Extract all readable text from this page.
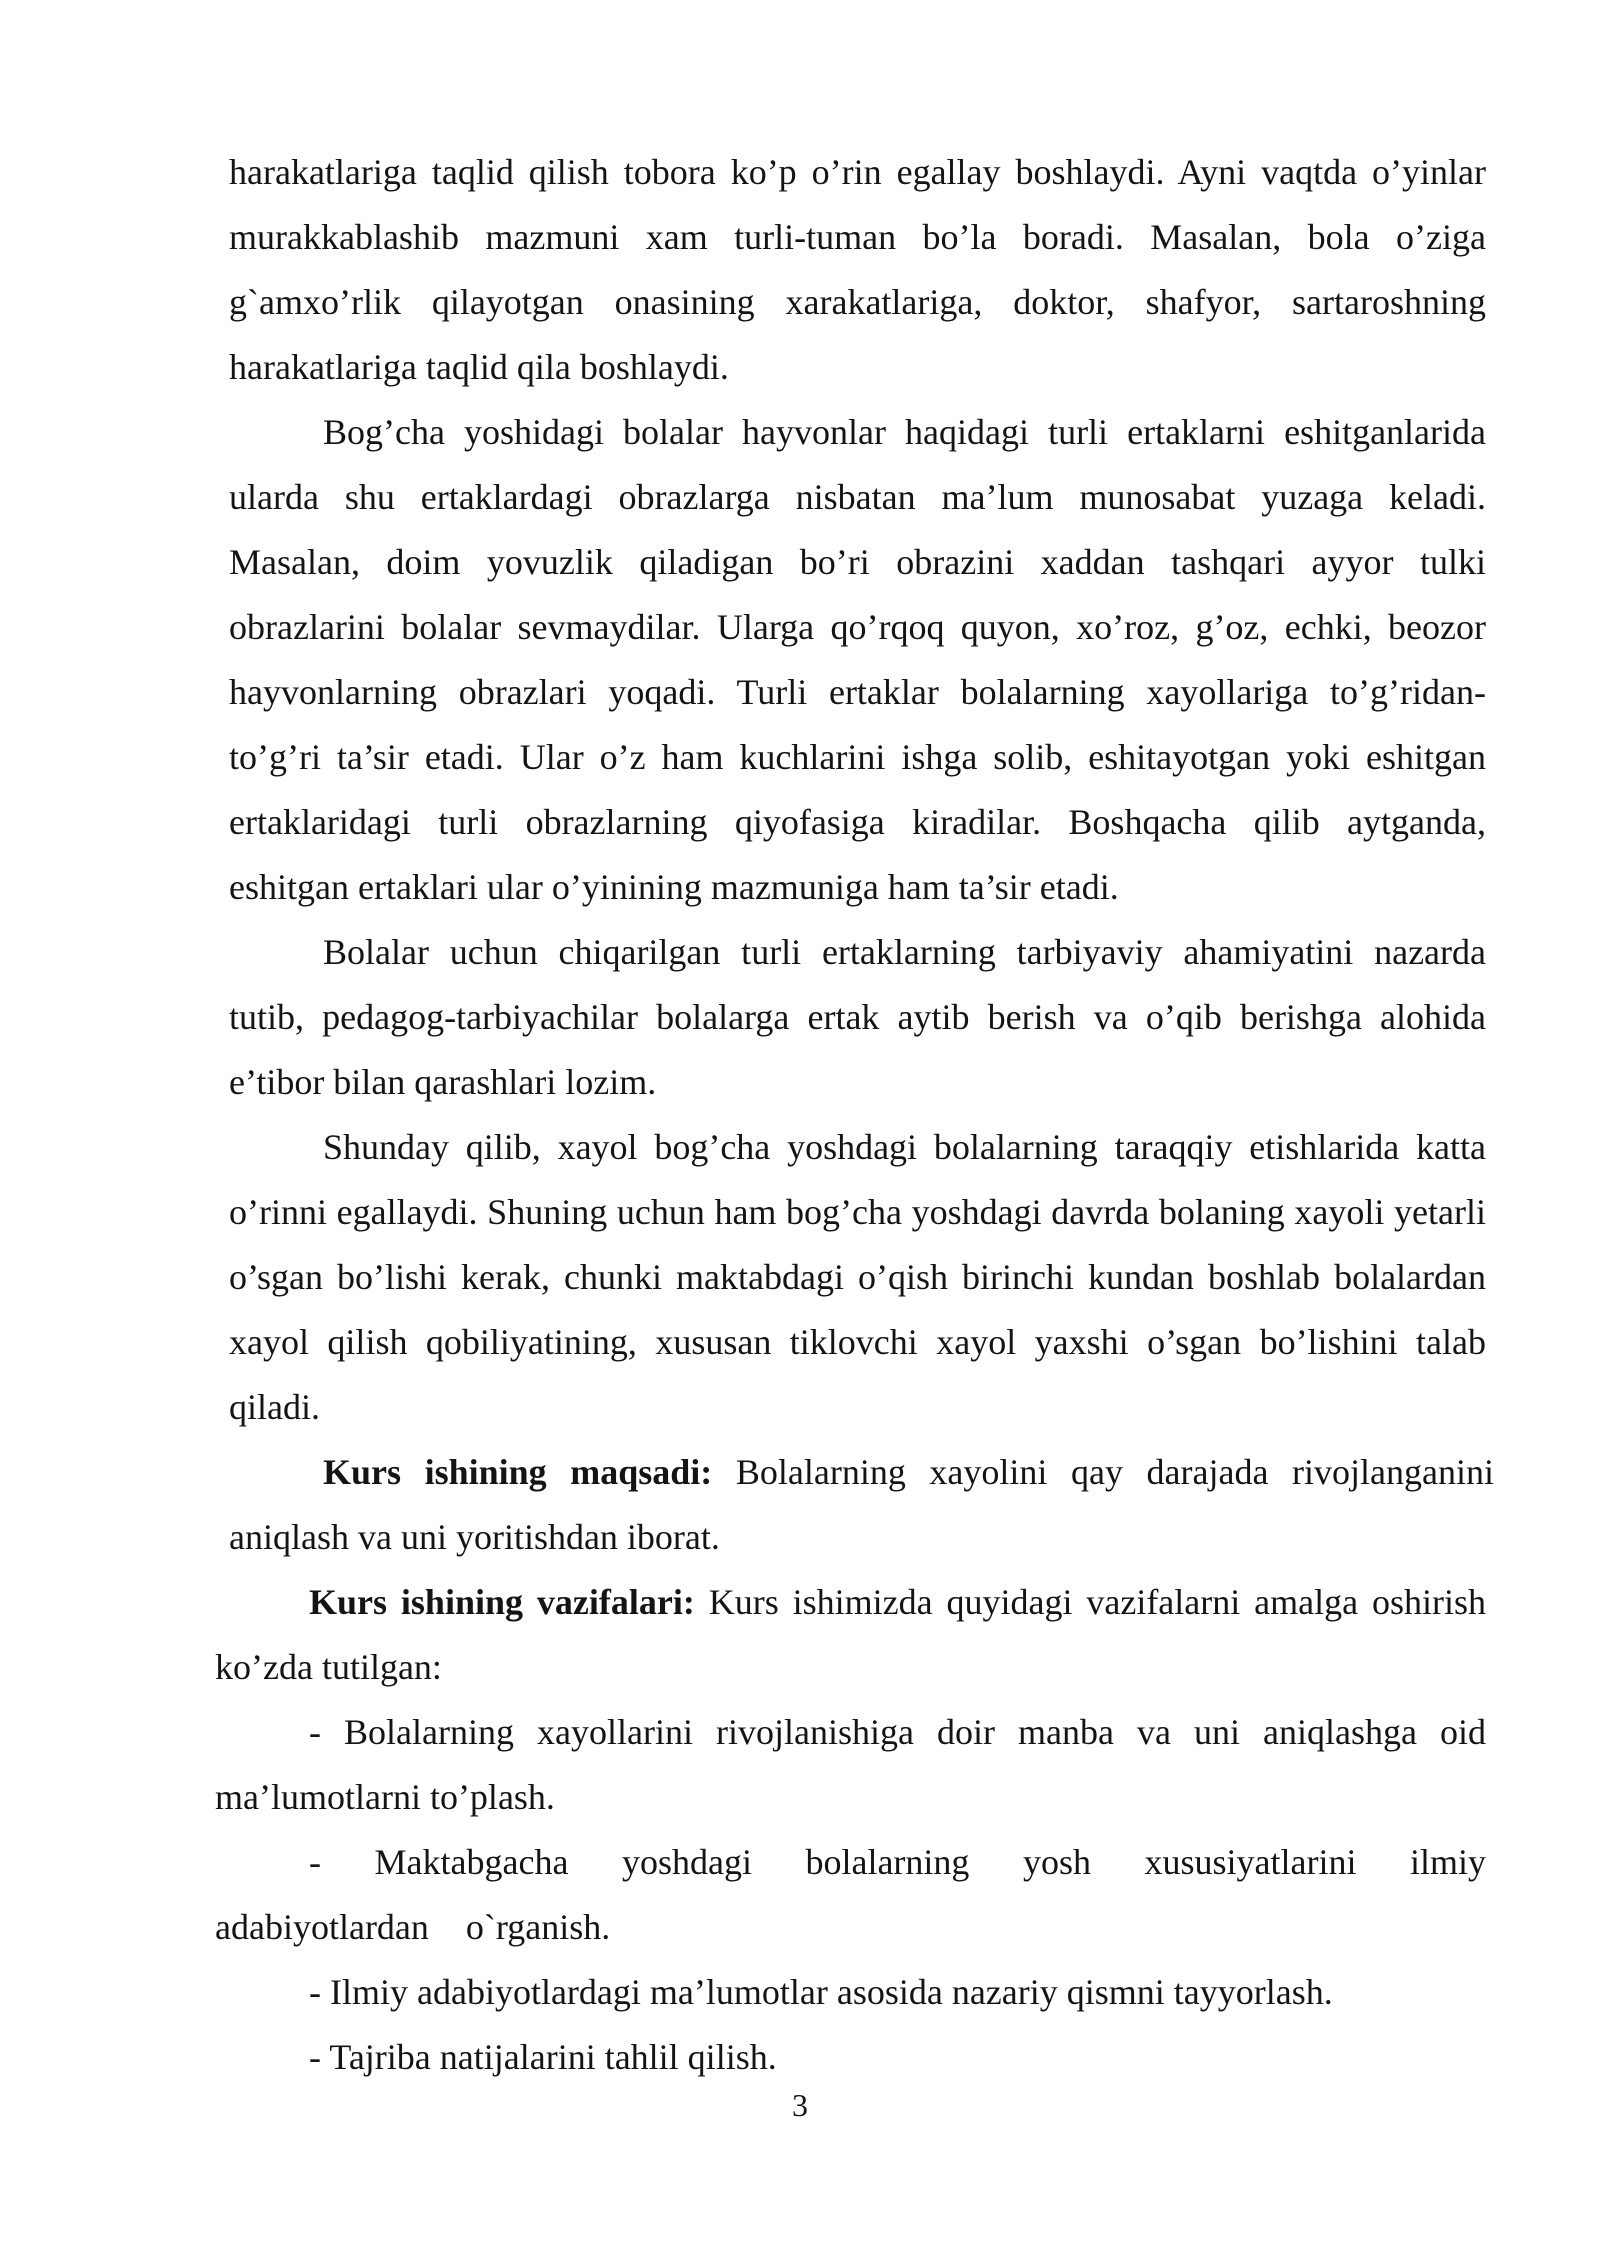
harakatlariga taqlid qilish tobora ko’p o’rin egallay boshlaydi. Ayni vaqtda o’yinlar murakkablashib mazmuni xam turli-tuman bo’la boradi. Masalan, bola o’ziga g`amxo’rlik qilayotgan onasining xarakatlariga, doktor, shafyor, sartaroshning harakatlariga taqlid qila boshlaydi.

Bog’cha yoshidagi bolalar hayvonlar haqidagi turli ertaklarni eshitganlarida ularda shu ertaklardagi obrazlarga nisbatan ma’lum munosabat yuzaga keladi. Masalan, doim yovuzlik qiladigan bo’ri obrazini xaddan tashqari ayyor tulki obrazlarini bolalar sevmaydilar. Ularga qo’rqoq quyon, xo’roz, g’oz, echki, beozor hayvonlarning obrazlari yoqadi. Turli ertaklar bolalarning xayollariga to’g’ridan-to’g’ri ta’sir etadi. Ular o’z ham kuchlarini ishga solib, eshitayotgan yoki eshitgan ertaklaridagi turli obrazlarning qiyofasiga kiradilar. Boshqacha qilib aytganda, eshitgan ertaklari ular o’yinining mazmuniga ham ta’sir etadi.

Bolalar uchun chiqarilgan turli ertaklarning tarbiyaviy ahamiyatini nazarda tutib, pedagog-tarbiyachilar bolalarga ertak aytib berish va o’qib berishga alohida e’tibor bilan qarashlari lozim.

Shunday qilib, xayol bog’cha yoshdagi bolalarning taraqqiy etishlarida katta o’rinni egallaydi. Shuning uchun ham bog’cha yoshdagi davrda bolaning xayoli yetarli o’sgan bo’lishi kerak, chunki maktabdagi o’qish birinchi kundan boshlab bolalardan xayol qilish qobiliyatining, xususan tiklovchi xayol yaxshi o’sgan bo’lishini talab qiladi.

Kurs ishining maqsadi: Bolalarning xayolini qay darajada rivojlanganini aniqlash va uni yoritishdan iborat.

Kurs ishining vazifalari: Kurs ishimizda quyidagi vazifalarni amalga oshirish ko’zda tutilgan:

- Bolalarning xayollarini rivojlanishiga doir manba va uni aniqlashga oid ma’lumotlarni to’plash.

- Maktabgacha yoshdagi bolalarning yosh xususiyatlarini ilmiy adabiyotlardan o`rganish.

- Ilmiy adabiyotlardagi ma’lumotlar asosida nazariy qismni tayyorlash.

- Tajriba natijalarini tahlil qilish.

3
